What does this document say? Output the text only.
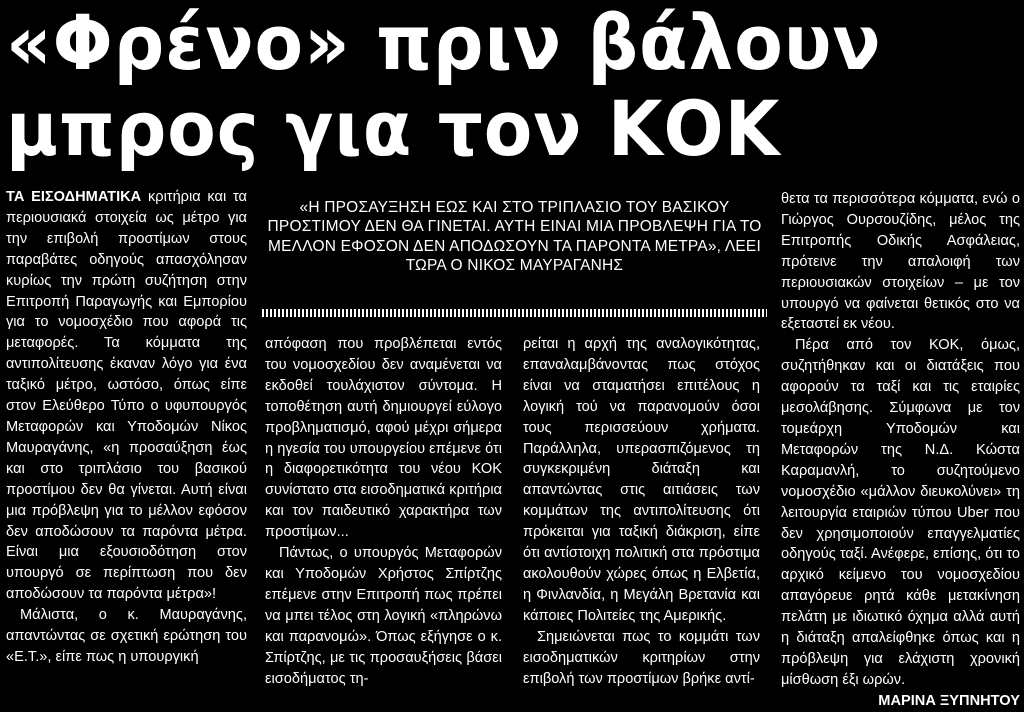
«Φρένο» πριν βάλουν
μπρος για τον ΚΟΚ

ΤΑ ΕΙΣΟΔΗΜΑΤΙΚΑ κριτήρια και τα περιουσιακά στοιχεία ως μέτρο για την επιβολή προστίμων στους παραβάτες οδηγούς απασχόλησαν κυρίως την πρώτη συζήτηση στην Επιτροπή Παραγωγής και Εμπορίου για το νομοσχέδιο που αφορά τις μεταφορές. Τα κόμματα της αντιπολίτευσης έκαναν λόγο για ένα ταξικό μέτρο, ωστόσο, όπως είπε στον Ελεύθερο Τύπο ο υφυπουργός Μεταφορών και Υποδομών Νίκος Μαυραγάνης, «η προσαύξηση έως και στο τριπλάσιο του βασικού προστίμου δεν θα γίνεται. Αυτή είναι μια πρόβλεψη για το μέλλον εφόσον δεν αποδώσουν τα παρόντα μέτρα. Είναι μια εξουσιοδότηση στον υπουργό σε περίπτωση που δεν αποδώσουν τα παρόντα μέτρα»!

Μάλιστα, ο κ. Μαυραγάνης, απαντώντας σε σχετική ερώτηση του «Ε.Τ.», είπε πως η υπουργική

«Η ΠΡΟΣΑΥΞΗΣΗ ΕΩΣ ΚΑΙ ΣΤΟ ΤΡΙΠΛΑΣΙΟ ΤΟΥ ΒΑΣΙΚΟΥ ΠΡΟΣΤΙΜΟΥ ΔΕΝ ΘΑ ΓΙΝΕΤΑΙ. ΑΥΤΗ ΕΙΝΑΙ ΜΙΑ ΠΡΟΒΛΕΨΗ ΓΙΑ ΤΟ ΜΕΛΛΟΝ ΕΦΟΣΟΝ ΔΕΝ ΑΠΟΔΩΣΟΥΝ ΤΑ ΠΑΡΟΝΤΑ ΜΕΤΡΑ», ΛΕΕΙ ΤΩΡΑ Ο ΝΙΚΟΣ ΜΑΥΡΑΓΑΝΗΣ

απόφαση που προβλέπεται εντός του νομοσχεδίου δεν αναμένεται να εκδοθεί τουλάχιστον σύντομα. Η τοποθέτηση αυτή δημιουργεί εύλογο προβληματισμό, αφού μέχρι σήμερα η ηγεσία του υπουργείου επέμενε ότι η διαφορετικότητα του νέου ΚΟΚ συνίστατο στα εισοδηματικά κριτήρια και τον παιδευτικό χαρακτήρα των προστίμων...

Πάντως, ο υπουργός Μεταφορών και Υποδομών Χρήστος Σπίρτζης επέμενε στην Επιτροπή πως πρέπει να μπει τέλος στη λογική «πληρώνω και παρανομώ». Όπως εξήγησε ο κ. Σπίρτζης, με τις προσαυξήσεις βάσει εισοδήματος τη-

ρείται η αρχή της αναλογικότητας, επαναλαμβάνοντας πως στόχος είναι να σταματήσει επιτέλους η λογική τού να παρανομούν όσοι τους περισσεύουν χρήματα. Παράλληλα, υπερασπιζόμενος τη συγκεκριμένη διάταξη και απαντώντας στις αιτιάσεις των κομμάτων της αντιπολίτευσης ότι πρόκειται για ταξική διάκριση, είπε ότι αντίστοιχη πολιτική στα πρόστιμα ακολουθούν χώρες όπως η Ελβετία, η Φινλανδία, η Μεγάλη Βρετανία και κάποιες Πολιτείες της Αμερικής.

Σημειώνεται πως το κομμάτι των εισοδηματικών κριτηρίων στην επιβολή των προστίμων βρήκε αντί-

θετα τα περισσότερα κόμματα, ενώ ο Γιώργος Ουρσουζίδης, μέλος της Επιτροπής Οδικής Ασφάλειας, πρότεινε την απαλοιφή των περιουσιακών στοιχείων – με τον υπουργό να φαίνεται θετικός στο να εξεταστεί εκ νέου.

Πέρα από τον ΚΟΚ, όμως, συζητήθηκαν και οι διατάξεις που αφορούν τα ταξί και τις εταιρίες μεσολάβησης. Σύμφωνα με τον τομεάρχη Υποδομών και Μεταφορών της Ν.Δ. Κώστα Καραμανλή, το συζητούμενο νομοσχέδιο «μάλλον διευκολύνει» τη λειτουργία εταιριών τύπου Uber που δεν χρησιμοποιούν επαγγελματίες οδηγούς ταξί. Ανέφερε, επίσης, ότι το αρχικό κείμενο του νομοσχεδίου απαγόρευε ρητά κάθε μετακίνηση πελάτη με ιδιωτικό όχημα αλλά αυτή η διάταξη απαλείφθηκε όπως και η πρόβλεψη για ελάχιστη χρονική μίσθωση έξι ωρών.

ΜΑΡΙΝΑ ΞΥΠΝΗΤΟΥ
